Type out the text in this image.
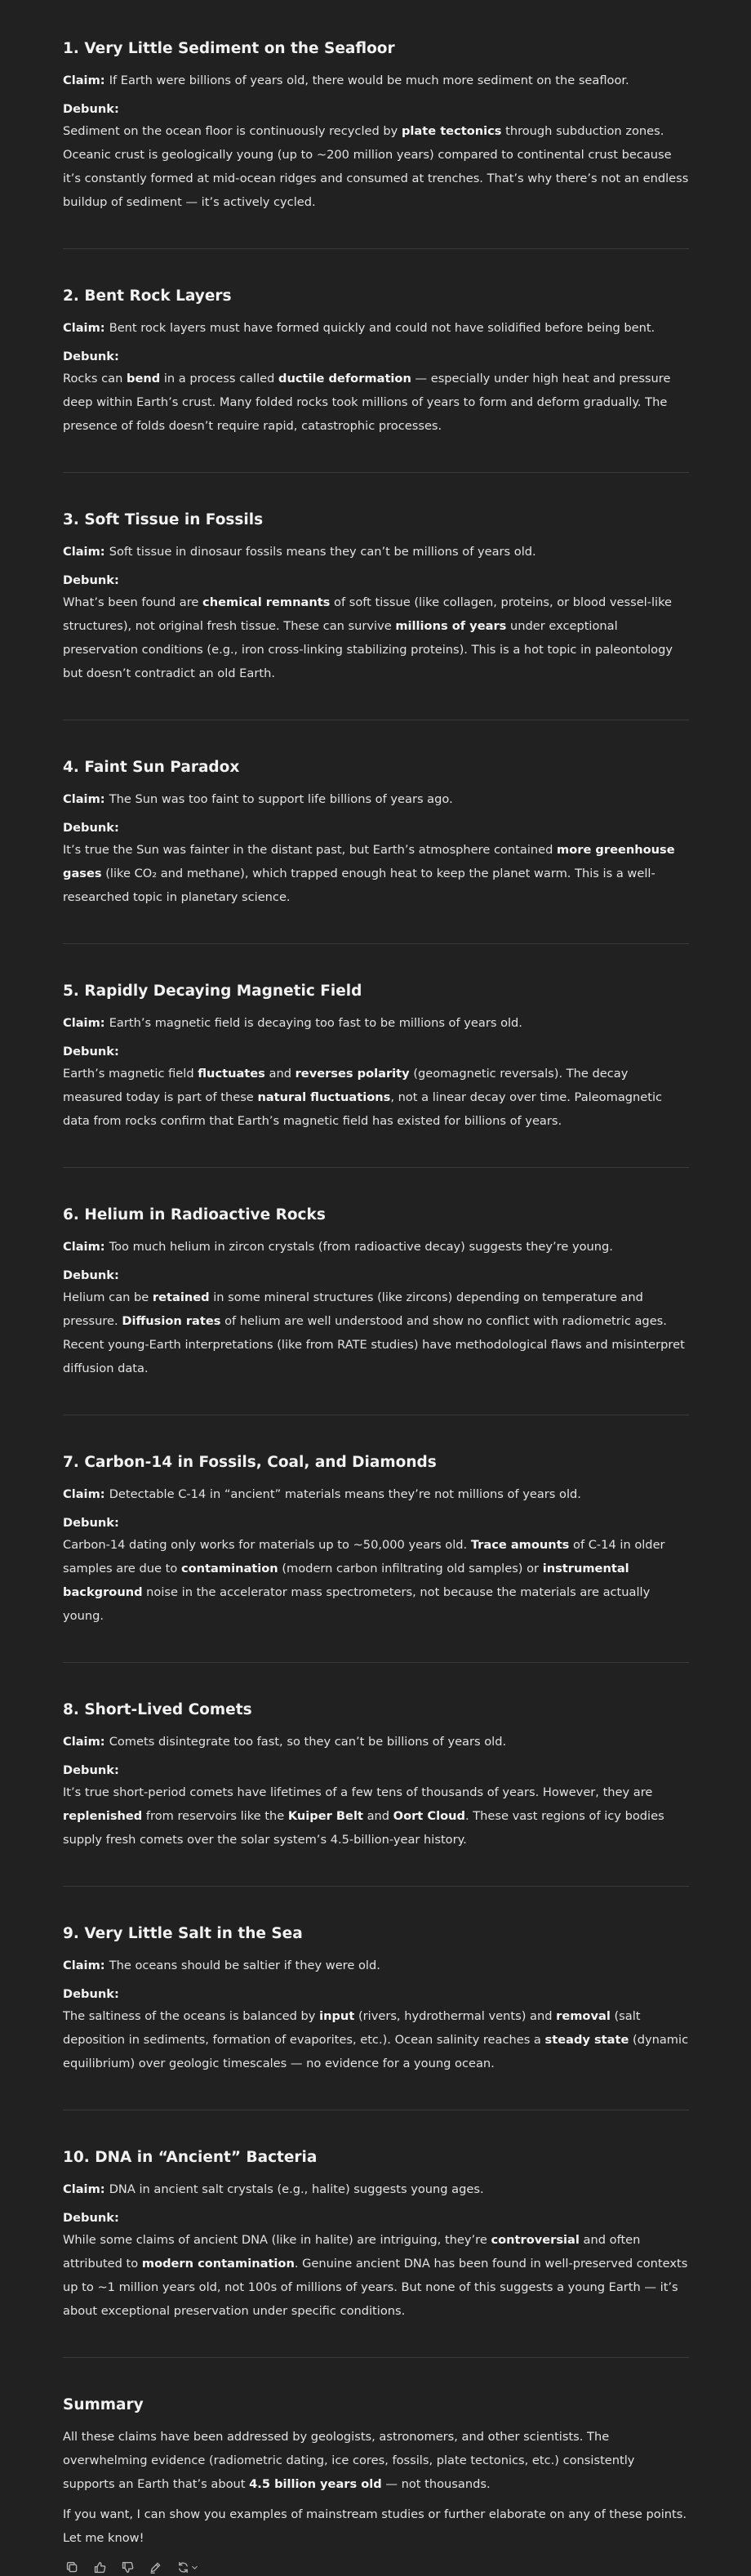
1. Very Little Sediment on the Seafloor

Claim: If Earth were billions of years old, there would be much more sediment on the seafloor.

Debunk:

Sediment on the ocean floor is continuously recycled by plate tectonics through subduction zones. Oceanic crust is geologically young (up to ~200 million years) compared to continental crust because it’s constantly formed at mid-ocean ridges and consumed at trenches. That’s why there’s not an endless buildup of sediment — it’s actively cycled.

2. Bent Rock Layers

Claim: Bent rock layers must have formed quickly and could not have solidified before being bent.

Debunk:

Rocks can bend in a process called ductile deformation — especially under high heat and pressure deep within Earth’s crust. Many folded rocks took millions of years to form and deform gradually. The presence of folds doesn’t require rapid, catastrophic processes.

3. Soft Tissue in Fossils

Claim: Soft tissue in dinosaur fossils means they can’t be millions of years old.

Debunk:

What’s been found are chemical remnants of soft tissue (like collagen, proteins, or blood vessel-like structures), not original fresh tissue. These can survive millions of years under exceptional preservation conditions (e.g., iron cross-linking stabilizing proteins). This is a hot topic in paleontology but doesn’t contradict an old Earth.

4. Faint Sun Paradox

Claim: The Sun was too faint to support life billions of years ago.

Debunk:

It’s true the Sun was fainter in the distant past, but Earth’s atmosphere contained more greenhouse gases (like CO₂ and methane), which trapped enough heat to keep the planet warm. This is a well-researched topic in planetary science.

5. Rapidly Decaying Magnetic Field

Claim: Earth’s magnetic field is decaying too fast to be millions of years old.

Debunk:

Earth’s magnetic field fluctuates and reverses polarity (geomagnetic reversals). The decay measured today is part of these natural fluctuations, not a linear decay over time. Paleomagnetic data from rocks confirm that Earth’s magnetic field has existed for billions of years.

6. Helium in Radioactive Rocks

Claim: Too much helium in zircon crystals (from radioactive decay) suggests they’re young.

Debunk:

Helium can be retained in some mineral structures (like zircons) depending on temperature and pressure. Diffusion rates of helium are well understood and show no conflict with radiometric ages. Recent young-Earth interpretations (like from RATE studies) have methodological flaws and misinterpret diffusion data.

7. Carbon-14 in Fossils, Coal, and Diamonds

Claim: Detectable C-14 in “ancient” materials means they’re not millions of years old.

Debunk:

Carbon-14 dating only works for materials up to ~50,000 years old. Trace amounts of C-14 in older samples are due to contamination (modern carbon infiltrating old samples) or instrumental background noise in the accelerator mass spectrometers, not because the materials are actually young.

8. Short-Lived Comets

Claim: Comets disintegrate too fast, so they can’t be billions of years old.

Debunk:

It’s true short-period comets have lifetimes of a few tens of thousands of years. However, they are replenished from reservoirs like the Kuiper Belt and Oort Cloud. These vast regions of icy bodies supply fresh comets over the solar system’s 4.5-billion-year history.

9. Very Little Salt in the Sea

Claim: The oceans should be saltier if they were old.

Debunk:

The saltiness of the oceans is balanced by input (rivers, hydrothermal vents) and removal (salt deposition in sediments, formation of evaporites, etc.). Ocean salinity reaches a steady state (dynamic equilibrium) over geologic timescales — no evidence for a young ocean.

10. DNA in “Ancient” Bacteria

Claim: DNA in ancient salt crystals (e.g., halite) suggests young ages.

Debunk:

While some claims of ancient DNA (like in halite) are intriguing, they’re controversial and often attributed to modern contamination. Genuine ancient DNA has been found in well-preserved contexts up to ~1 million years old, not 100s of millions of years. But none of this suggests a young Earth — it’s about exceptional preservation under specific conditions.

Summary

All these claims have been addressed by geologists, astronomers, and other scientists. The overwhelming evidence (radiometric dating, ice cores, fossils, plate tectonics, etc.) consistently supports an Earth that’s about 4.5 billion years old — not thousands.

If you want, I can show you examples of mainstream studies or further elaborate on any of these points. Let me know!
